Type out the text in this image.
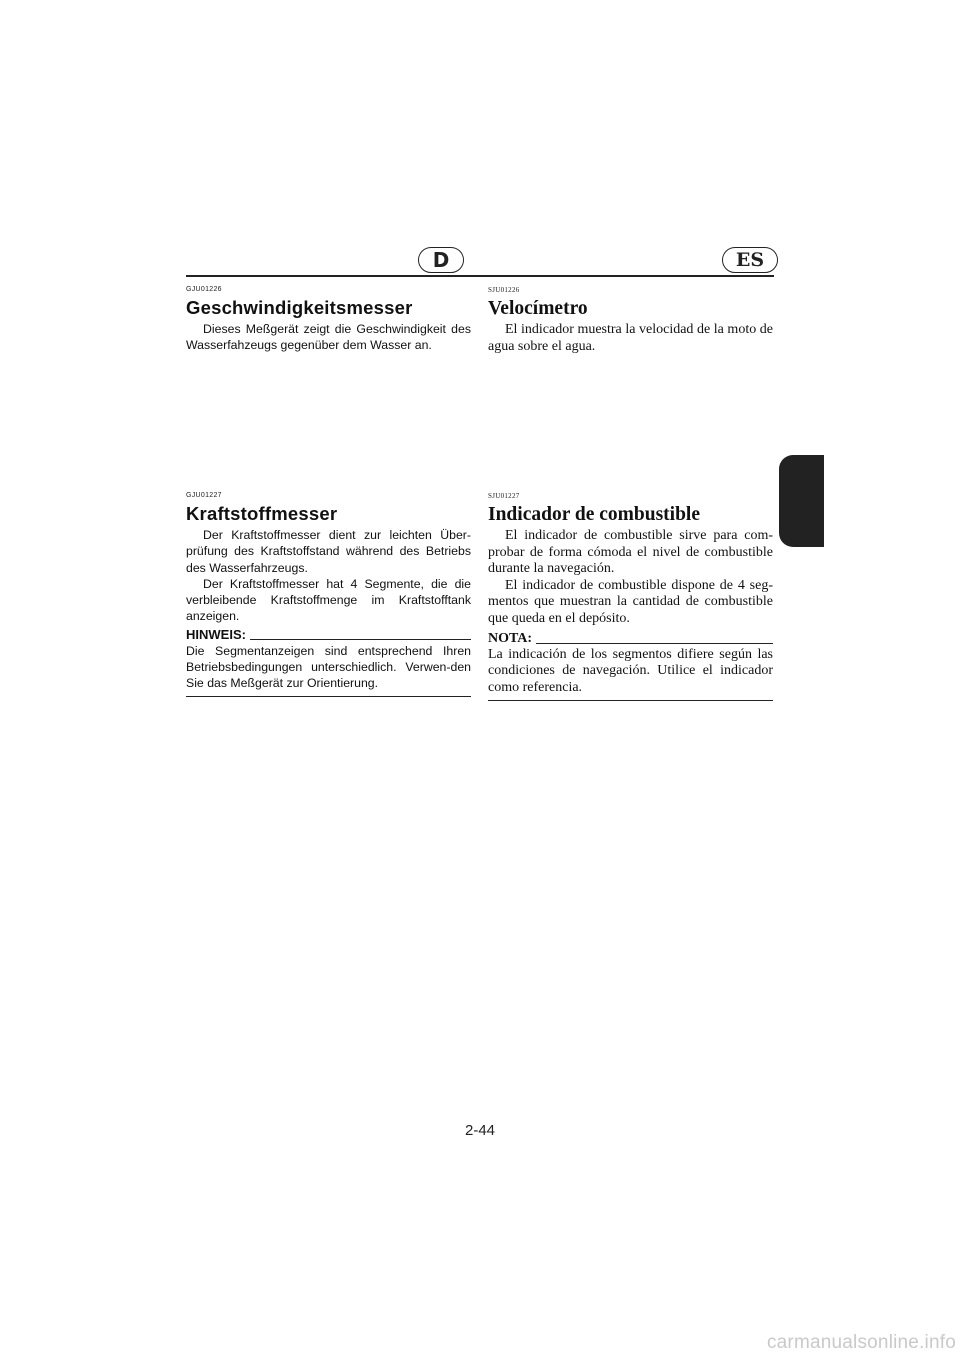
D	ES

GJU01226

Geschwindigkeitsmesser

Dieses Meßgerät zeigt die Geschwindigkeit des Wasserfahzeugs gegenüber dem Wasser an.

GJU01227

Kraftstoffmesser

Der Kraftstoffmesser dient zur leichten Über-prüfung des Kraftstoffstand während des Betriebs des Wasserfahrzeugs.

Der Kraftstoffmesser hat 4 Segmente, die die verbleibende Kraftstoffmenge im Kraftstofftank anzeigen.

HINWEIS:

Die Segmentanzeigen sind entsprechend Ihren Betriebsbedingungen unterschiedlich. Verwen-den Sie das Meßgerät zur Orientierung.

SJU01226

Velocímetro

El indicador muestra la velocidad de la moto de agua sobre el agua.

SJU01227

Indicador de combustible

El indicador de combustible sirve para com-probar de forma cómoda el nivel de combustible durante la navegación.

El indicador de combustible dispone de 4 seg-mentos que muestran la cantidad de combustible que queda en el depósito.

NOTA:

La indicación de los segmentos difiere según las condiciones de navegación. Utilice el indicador como referencia.

2-44
carmanualsonline.info
